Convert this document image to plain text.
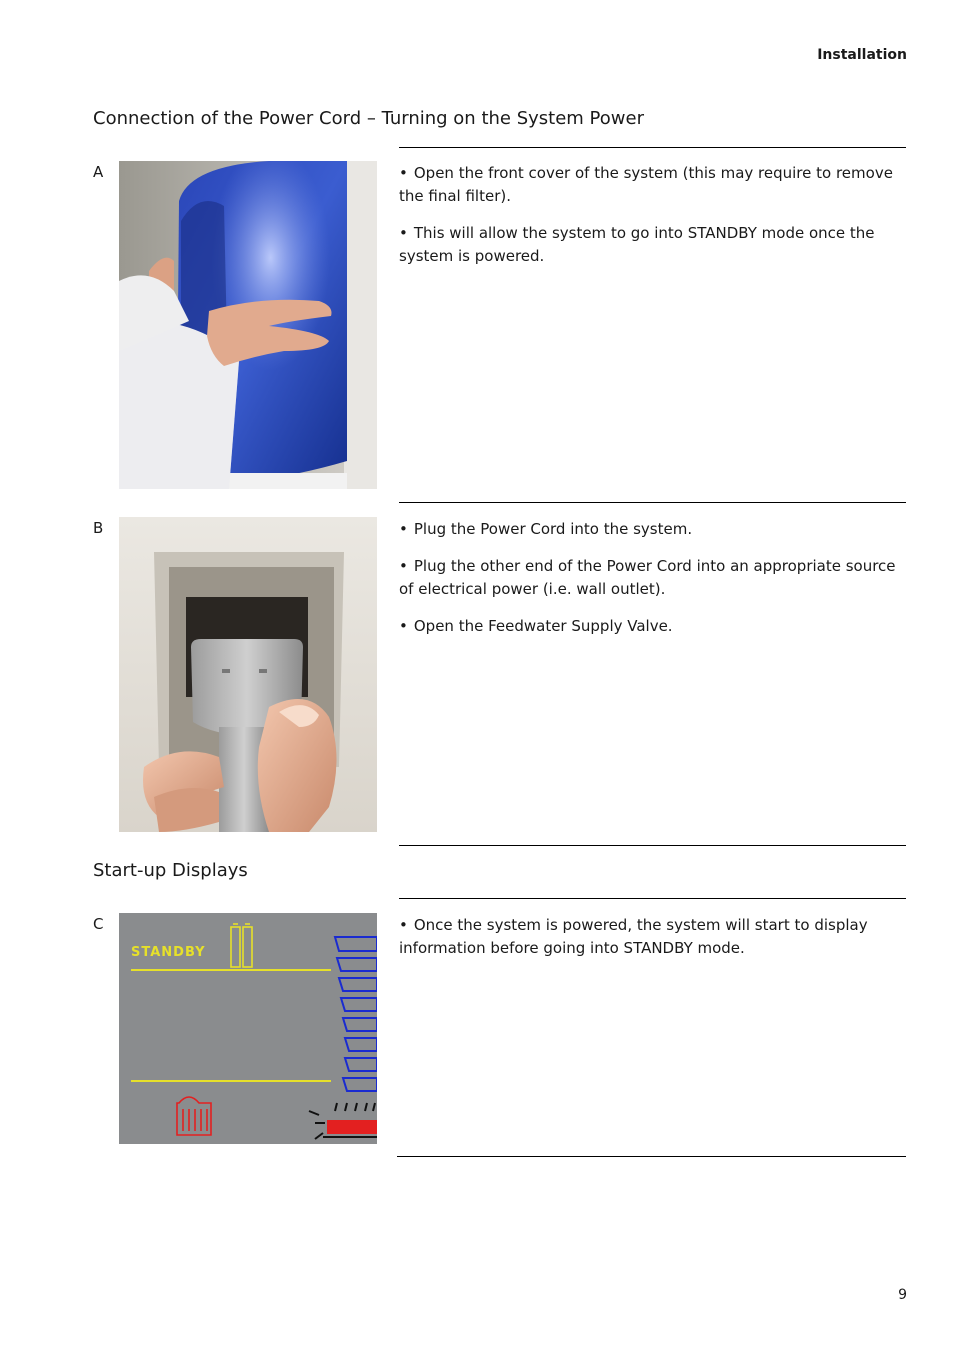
Installation
Connection of the Power Cord – Turning on the System Power
A	• Open the front cover of the system (this may require to remove the final filter).

• This will allow the system to go into STANDBY mode once the system is powered.

B	• Plug the Power Cord into the system.

• Plug the other end of the Power Cord into an appropriate source of electrical power (i.e. wall outlet).

• Open the Feedwater Supply Valve.

Start-up Displays
C
STANDBY

• Once the system is powered, the system will start to display information before going into STANDBY mode.

9
